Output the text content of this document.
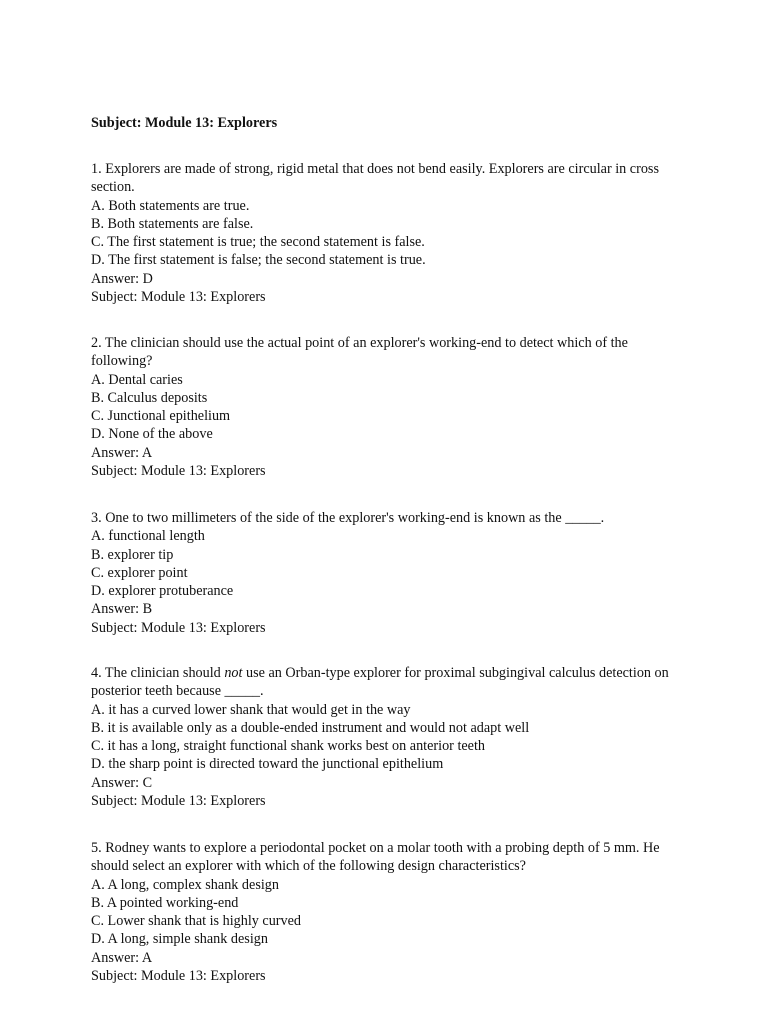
Subject: Module 13: Explorers
1. Explorers are made of strong, rigid metal that does not bend easily. Explorers are circular in cross section.
A. Both statements are true.
B. Both statements are false.
C. The first statement is true; the second statement is false.
D. The first statement is false; the second statement is true.
Answer: D
Subject: Module 13: Explorers
2. The clinician should use the actual point of an explorer's working-end to detect which of the following?
A. Dental caries
B. Calculus deposits
C. Junctional epithelium
D. None of the above
Answer: A
Subject: Module 13: Explorers
3. One to two millimeters of the side of the explorer's working-end is known as the _____.
A. functional length
B. explorer tip
C. explorer point
D. explorer protuberance
Answer: B
Subject: Module 13: Explorers
4. The clinician should not use an Orban-type explorer for proximal subgingival calculus detection on posterior teeth because _____.
A. it has a curved lower shank that would get in the way
B. it is available only as a double-ended instrument and would not adapt well
C. it has a long, straight functional shank works best on anterior teeth
D. the sharp point is directed toward the junctional epithelium
Answer: C
Subject: Module 13: Explorers
5. Rodney wants to explore a periodontal pocket on a molar tooth with a probing depth of 5 mm. He should select an explorer with which of the following design characteristics?
A. A long, complex shank design
B. A pointed working-end
C. Lower shank that is highly curved
D. A long, simple shank design
Answer: A
Subject: Module 13: Explorers
